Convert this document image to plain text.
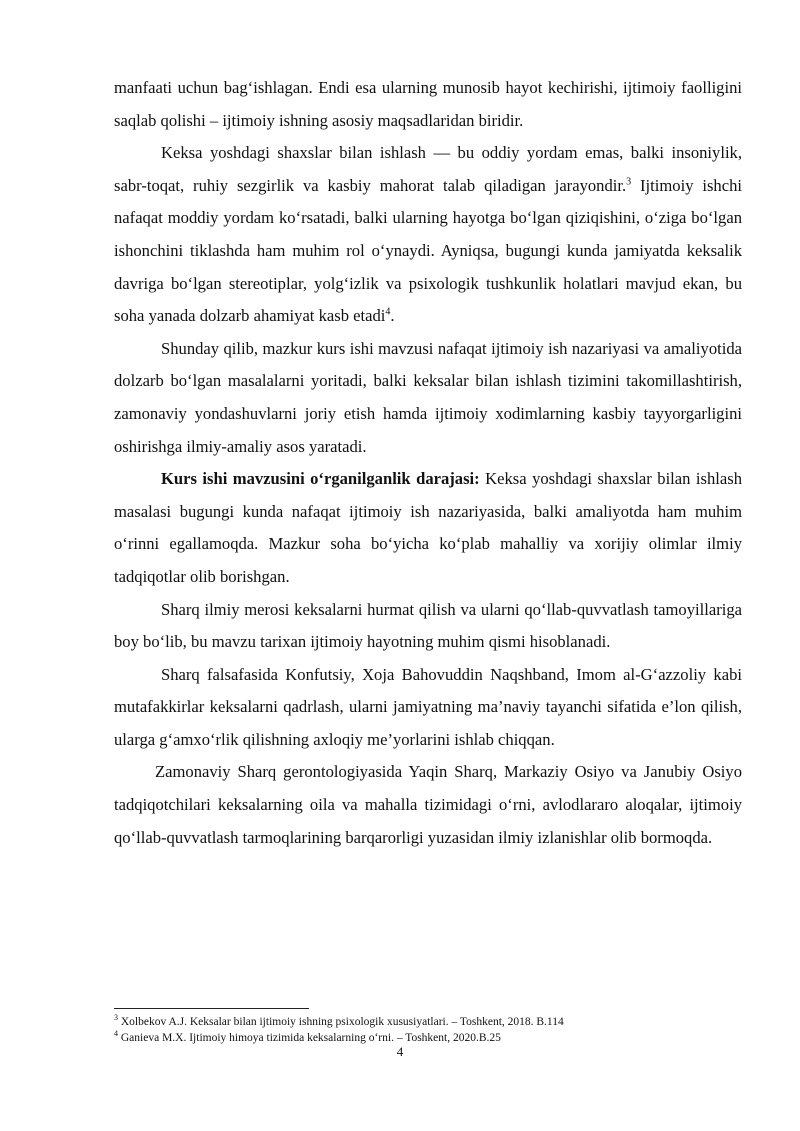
manfaati uchun bag‘ishlagan. Endi esa ularning munosib hayot kechirishi, ijtimoiy faolligini saqlab qolishi – ijtimoiy ishning asosiy maqsadlaridan biridir.

Keksa yoshdagi shaxslar bilan ishlash — bu oddiy yordam emas, balki insoniylik, sabr-toqat, ruhiy sezgirlik va kasbiy mahorat talab qiladigan jarayondir.$^3$ Ijtimoiy ishchi nafaqat moddiy yordam ko‘rsatadi, balki ularning hayotga bo‘lgan qiziqishini, o‘ziga bo‘lgan ishonchini tiklashda ham muhim rol o‘ynaydi. Ayniqsa, bugungi kunda jamiyatda keksalik davriga bo‘lgan stereotiplar, yolg‘izlik va psixologik tushkunlik holatlari mavjud ekan, bu soha yanada dolzarb ahamiyat kasb etadi$^4$.

Shunday qilib, mazkur kurs ishi mavzusi nafaqat ijtimoiy ish nazariyasi va amaliyotida dolzarb bo‘lgan masalalarni yoritadi, balki keksalar bilan ishlash tizimini takomillashtirish, zamonaviy yondashuvlarni joriy etish hamda ijtimoiy xodimlarning kasbiy tayyorgarligini oshirishga ilmiy-amaliy asos yaratadi.

Kurs ishi mavzusini o‘rganilganlik darajasi: Keksa yoshdagi shaxslar bilan ishlash masalasi bugungi kunda nafaqat ijtimoiy ish nazariyasida, balki amaliyotda ham muhim o‘rinni egallamoqda. Mazkur soha bo‘yicha ko‘plab mahalliy va xorijiy olimlar ilmiy tadqiqotlar olib borishgan.

Sharq ilmiy merosi keksalarni hurmat qilish va ularni qo‘llab-quvvatlash tamoyillariga boy bo‘lib, bu mavzu tarixan ijtimoiy hayotning muhim qismi hisoblanadi.

Sharq falsafasida Konfutsiy, Xoja Bahovuddin Naqshband, Imom al-G‘azzoliy kabi mutafakkirlar keksalarni qadrlash, ularni jamiyatning ma’naviy tayanchi sifatida e’lon qilish, ularga g‘amxo‘rlik qilishning axloqiy me’yorlarini ishlab chiqqan.

Zamonaviy Sharq gerontologiyasida Yaqin Sharq, Markaziy Osiyo va Janubiy Osiyo tadqiqotchilari keksalarning oila va mahalla tizimidagi o‘rni, avlodlararo aloqalar, ijtimoiy qo‘llab-quvvatlash tarmoqlarining barqarorligi yuzasidan ilmiy izlanishlar olib bormoqda.

$^3$ Xolbekov A.J. Keksalar bilan ijtimoiy ishning psixologik xususiyatlari. – Toshkent, 2018. B.114

$^4$ Ganieva M.X. Ijtimoiy himoya tizimida keksalarning o‘rni. – Toshkent, 2020.B.25

4
